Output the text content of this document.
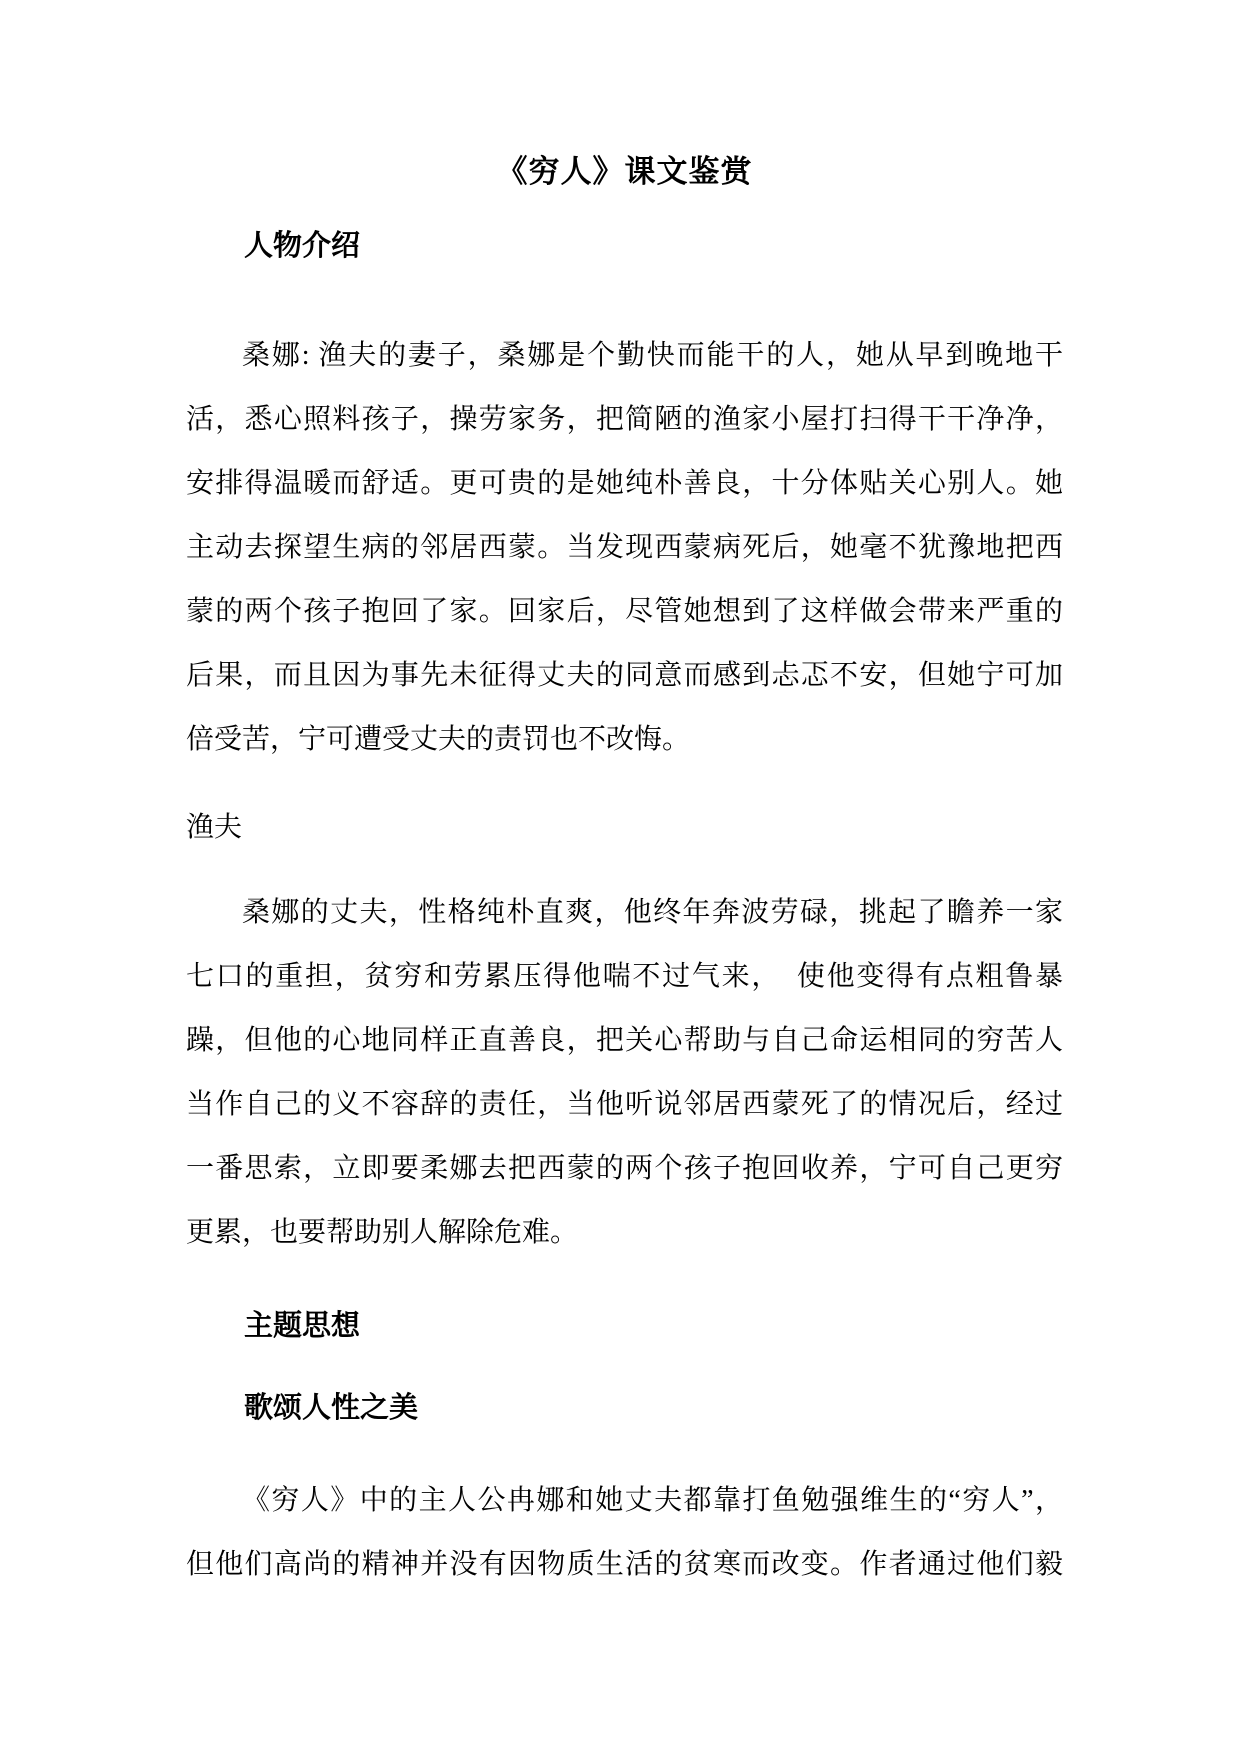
《穷人》课文鉴赏
人物介绍
桑娜: 渔夫的妻子，桑娜是个勤快而能干的人，她从早到晚地干
活，悉心照料孩子，操劳家务，把简陋的渔家小屋打扫得干干净净，
安排得温暖而舒适。更可贵的是她纯朴善良，十分体贴关心别人。她
主动去探望生病的邻居西蒙。当发现西蒙病死后，她毫不犹豫地把西
蒙的两个孩子抱回了家。回家后，尽管她想到了这样做会带来严重的
后果，而且因为事先未征得丈夫的同意而感到忐忑不安，但她宁可加
倍受苦，宁可遭受丈夫的责罚也不改悔。
渔夫
桑娜的丈夫，性格纯朴直爽，他终年奔波劳碌，挑起了瞻养一家
七口的重担，贫穷和劳累压得他喘不过气来，　使他变得有点粗鲁暴
躁，但他的心地同样正直善良，把关心帮助与自己命运相同的穷苦人
当作自己的义不容辞的责任，当他听说邻居西蒙死了的情况后，经过
一番思索，立即要柔娜去把西蒙的两个孩子抱回收养，宁可自己更穷
更累，也要帮助别人解除危难。
主题思想
歌颂人性之美
《穷人》中的主人公冉娜和她丈夫都靠打鱼勉强维生的“穷人”，
但他们高尚的精神并没有因物质生活的贫寒而改变。作者通过他们毅
